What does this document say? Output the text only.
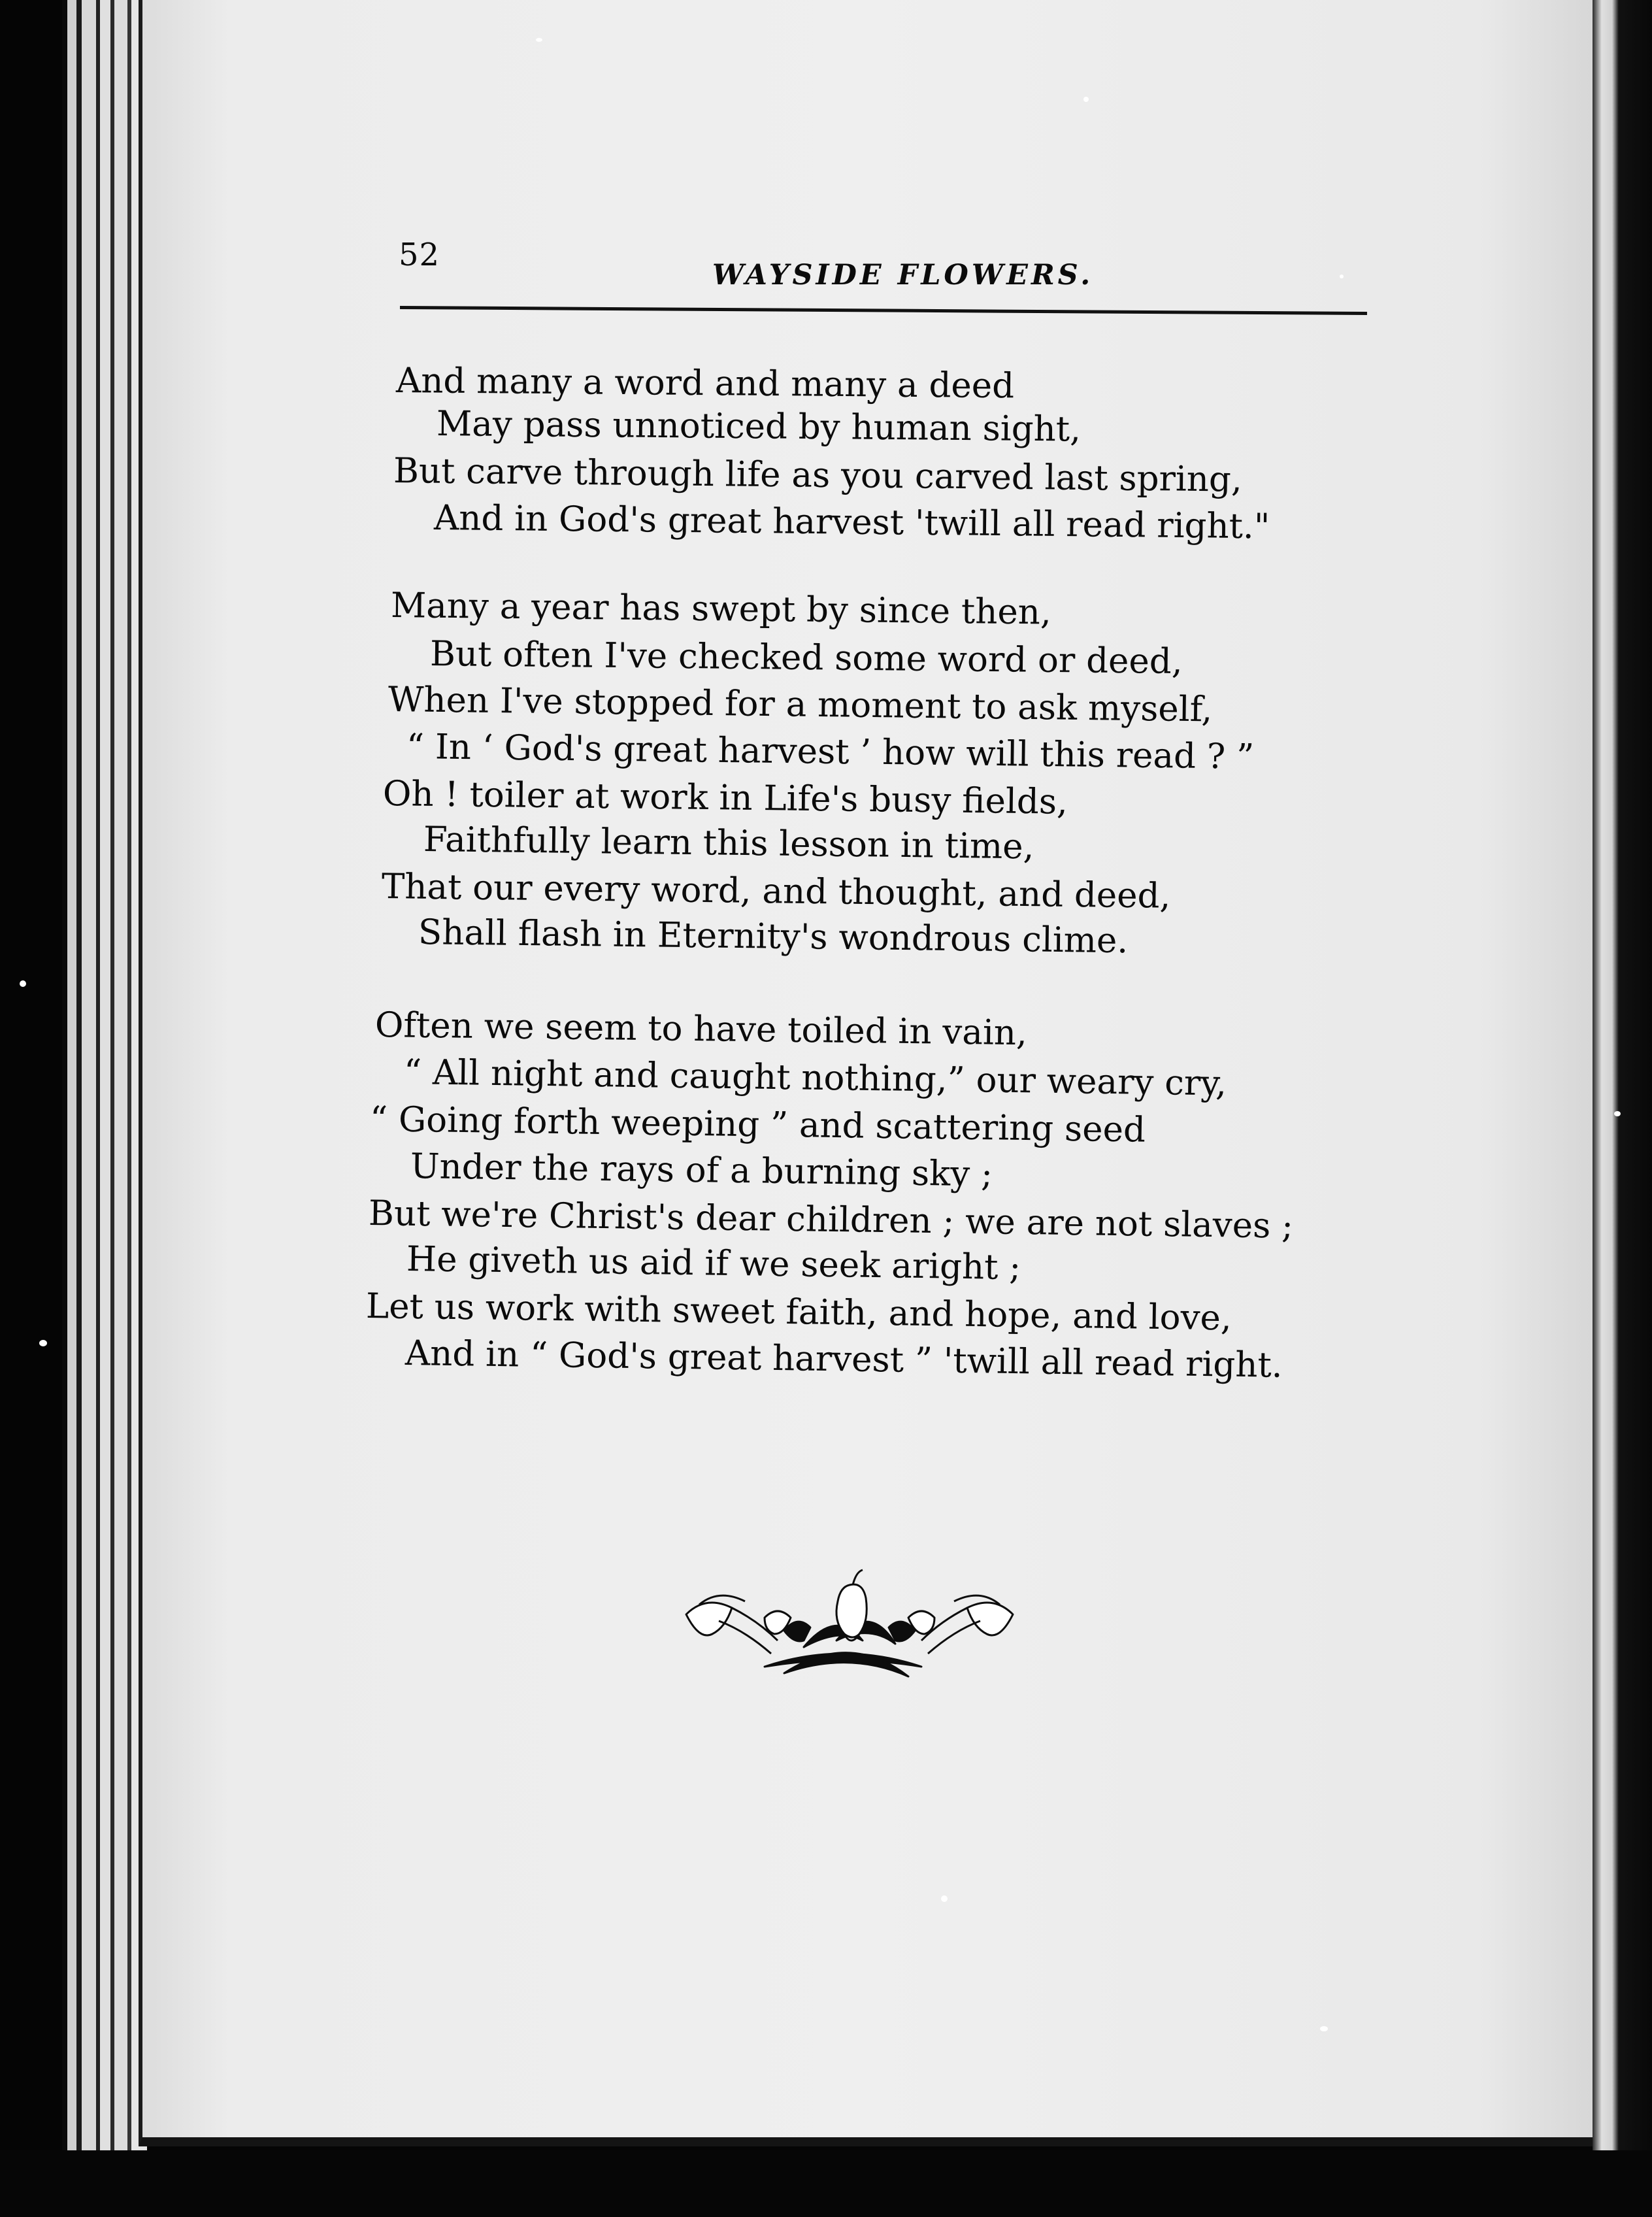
52
WAYSIDE FLOWERS.
And many a word and many a deed
May pass unnoticed by human sight,
But carve through life as you carved last spring,
And in God's great harvest 'twill all read right."
Many a year has swept by since then,
But often I've checked some word or deed,
When I've stopped for a moment to ask myself,
“ In ‘ God's great harvest ’ how will this read ? ”
Oh ! toiler at work in Life's busy fields,
Faithfully learn this lesson in time,
That our every word, and thought, and deed,
Shall flash in Eternity's wondrous clime.
Often we seem to have toiled in vain,
“ All night and caught nothing,” our weary cry,
“ Going forth weeping ” and scattering seed
Under the rays of a burning sky ;
But we're Christ's dear children ; we are not slaves ;
He giveth us aid if we seek aright ;
Let us work with sweet faith, and hope, and love,
And in “ God's great harvest ” 'twill all read right.
